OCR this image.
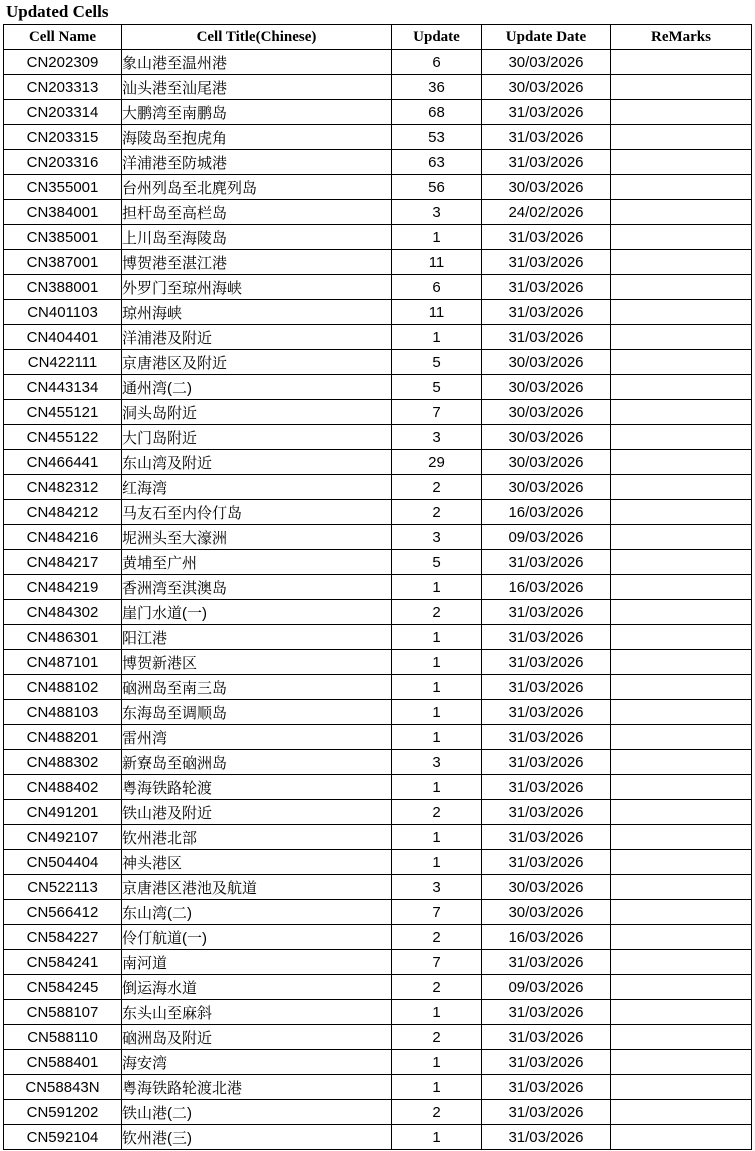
Updated Cells
Cell Name	Cell Title(Chinese)	Update	Update Date	ReMarks
CN202309	象山港至温州港	6	30/03/2026	
CN203313	汕头港至汕尾港	36	30/03/2026	
CN203314	大鹏湾至南鹏岛	68	31/03/2026	
CN203315	海陵岛至抱虎角	53	31/03/2026	
CN203316	洋浦港至防城港	63	31/03/2026	
CN355001	台州列岛至北麂列岛	56	30/03/2026	
CN384001	担杆岛至高栏岛	3	24/02/2026	
CN385001	上川岛至海陵岛	1	31/03/2026	
CN387001	博贺港至湛江港	11	31/03/2026	
CN388001	外罗门至琼州海峡	6	31/03/2026	
CN401103	琼州海峡	11	31/03/2026	
CN404401	洋浦港及附近	1	31/03/2026	
CN422111	京唐港区及附近	5	30/03/2026	
CN443134	通州湾(二)	5	30/03/2026	
CN455121	洞头岛附近	7	30/03/2026	
CN455122	大门岛附近	3	30/03/2026	
CN466441	东山湾及附近	29	30/03/2026	
CN482312	红海湾	2	30/03/2026	
CN484212	马友石至内伶仃岛	2	16/03/2026	
CN484216	坭洲头至大濠洲	3	09/03/2026	
CN484217	黄埔至广州	5	31/03/2026	
CN484219	香洲湾至淇澳岛	1	16/03/2026	
CN484302	崖门水道(一)	2	31/03/2026	
CN486301	阳江港	1	31/03/2026	
CN487101	博贺新港区	1	31/03/2026	
CN488102	硇洲岛至南三岛	1	31/03/2026	
CN488103	东海岛至调顺岛	1	31/03/2026	
CN488201	雷州湾	1	31/03/2026	
CN488302	新寮岛至硇洲岛	3	31/03/2026	
CN488402	粤海铁路轮渡	1	31/03/2026	
CN491201	铁山港及附近	2	31/03/2026	
CN492107	钦州港北部	1	31/03/2026	
CN504404	神头港区	1	31/03/2026	
CN522113	京唐港区港池及航道	3	30/03/2026	
CN566412	东山湾(二)	7	30/03/2026	
CN584227	伶仃航道(一)	2	16/03/2026	
CN584241	南河道	7	31/03/2026	
CN584245	倒运海水道	2	09/03/2026	
CN588107	东头山至麻斜	1	31/03/2026	
CN588110	硇洲岛及附近	2	31/03/2026	
CN588401	海安湾	1	31/03/2026	
CN58843N	粤海铁路轮渡北港	1	31/03/2026	
CN591202	铁山港(二)	2	31/03/2026	
CN592104	钦州港(三)	1	31/03/2026	
